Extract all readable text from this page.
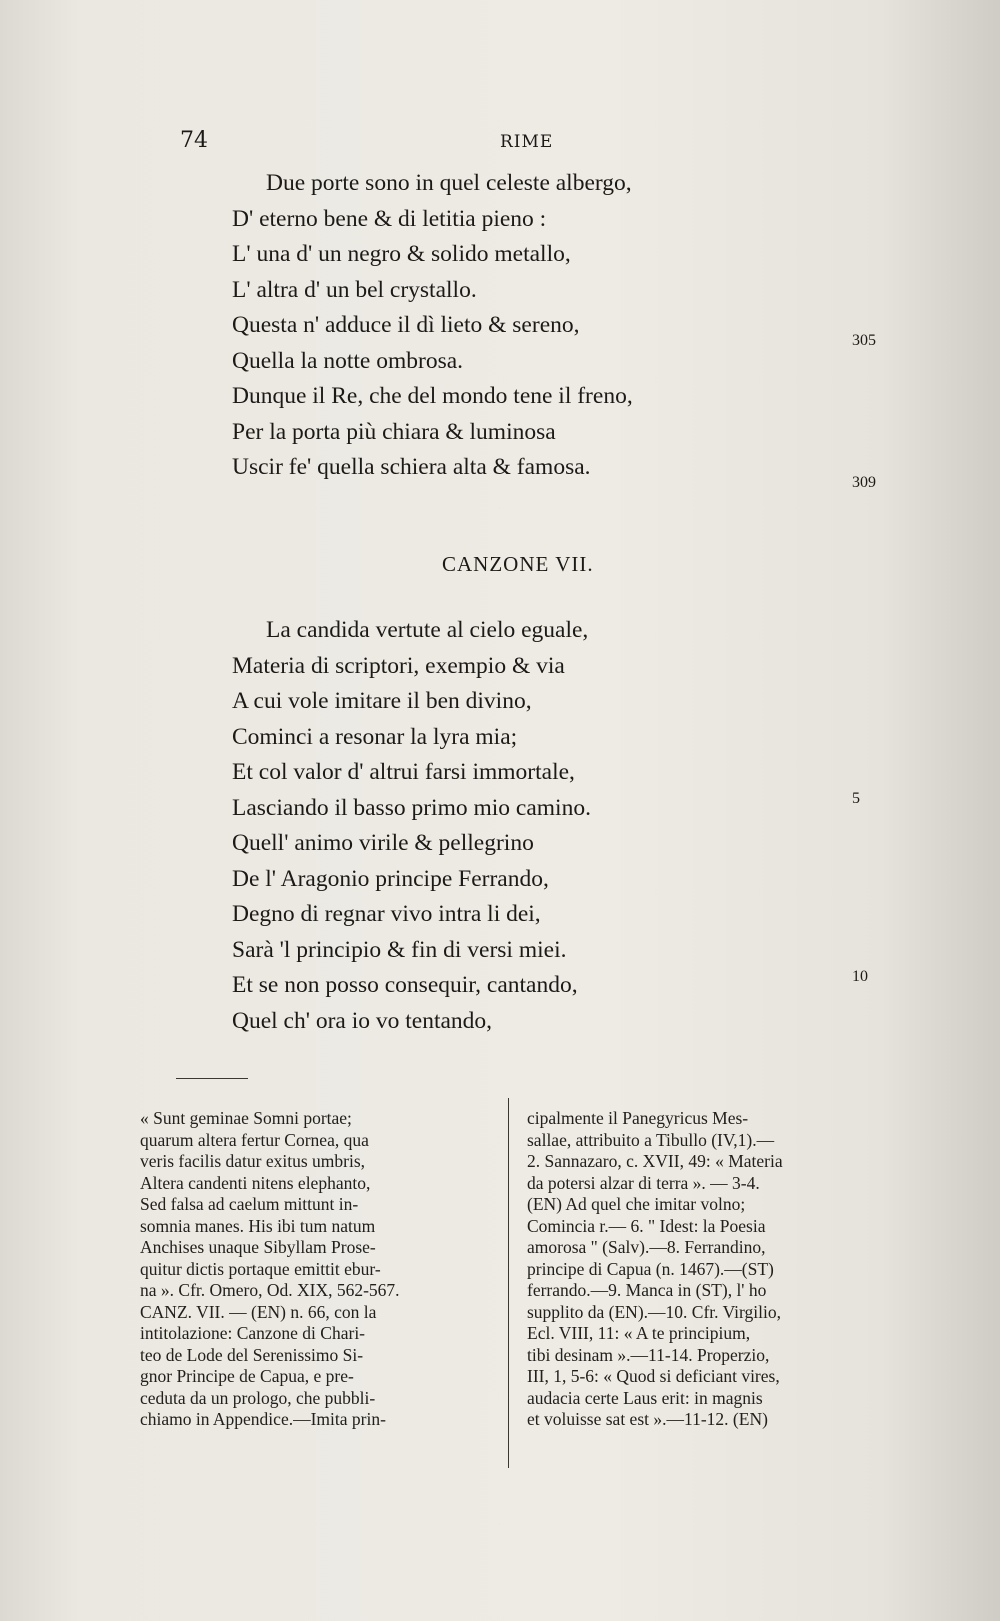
74	RIME
Due porte sono in quel celeste albergo,
D' eterno bene & di letitia pieno :
L' una d' un negro & solido metallo,
L' altra d' un bel crystallo.
Questa n' adduce il dì lieto & sereno,
Quella la notte ombrosa.
Dunque il Re, che del mondo tene il freno,
Per la porta più chiara & luminosa
Uscir fe' quella schiera alta & famosa.
305
309
CANZONE VII.
La candida vertute al cielo eguale,
Materia di scriptori, exempio & via
A cui vole imitare il ben divino,
Cominci a resonar la lyra mia;
Et col valor d' altrui farsi immortale,
Lasciando il basso primo mio camino.
Quell' animo virile & pellegrino
De l' Aragonio principe Ferrando,
Degno di regnar vivo intra li dei,
Sarà 'l principio & fin di versi miei.
Et se non posso consequir, cantando,
Quel ch' ora io vo tentando,
5
10
« Sunt geminae Somni portae;
quarum altera fertur Cornea, qua
veris facilis datur exitus umbris,
Altera candenti nitens elephanto,
Sed falsa ad caelum mittunt in-
somnia manes. His ibi tum natum
Anchises unaque Sibyllam Prose-
quitur dictis portaque emittit ebur-
na ». Cfr. Omero, Od. XIX, 562-567.
CANZ. VII. — (EN) n. 66, con la
intitolazione: Canzone di Chari-
teo de Lode del Serenissimo Si-
gnor Principe de Capua, e pre-
ceduta da un prologo, che pubbli-
chiamo in Appendice.—Imita prin-
cipalmente il Panegyricus Mes-
sallae, attribuito a Tibullo (IV,1).—
2. Sannazaro, c. XVII, 49: « Materia
da potersi alzar di terra ». — 3-4.
(EN) Ad quel che imitar volno;
Comincia r.— 6. " Idest: la Poesia
amorosa " (Salv).—8. Ferrandino,
principe di Capua (n. 1467).—(ST)
ferrando.—9. Manca in (ST), l' ho
supplito da (EN).—10. Cfr. Virgilio,
Ecl. VIII, 11: « A te principium,
tibi desinam ».—11-14. Properzio,
III, 1, 5-6: « Quod si deficiant vires,
audacia certe Laus erit: in magnis
et voluisse sat est ».—11-12. (EN)
